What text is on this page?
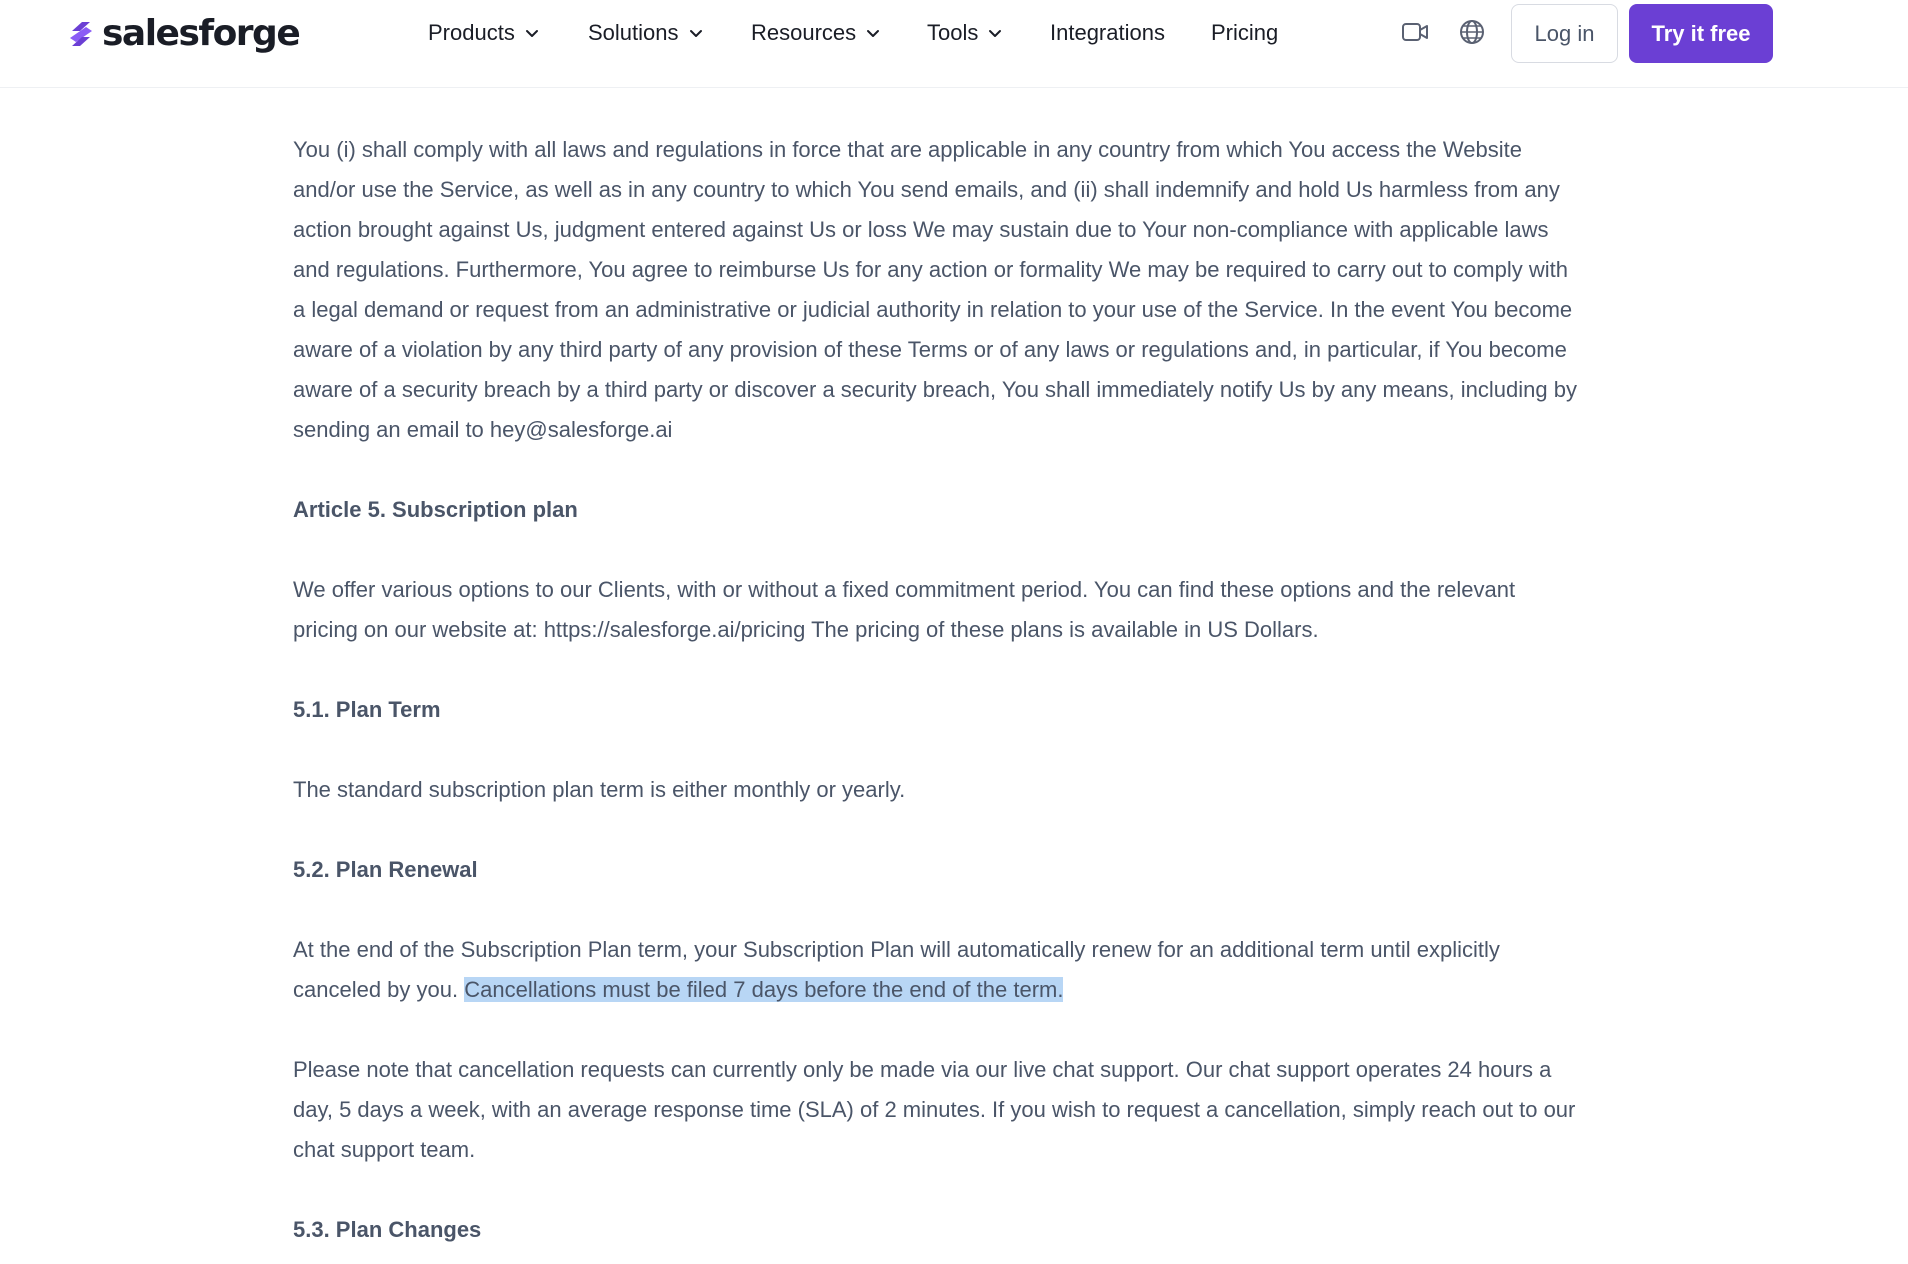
salesforge	Products	Solutions	Resources	Tools	Integrations Pricing	Log in	Try it free

You (i) shall comply with all laws and regulations in force that are applicable in any country from which You access the Website and/or use the Service, as well as in any country to which You send emails, and (ii) shall indemnify and hold Us harmless from any action brought against Us, judgment entered against Us or loss We may sustain due to Your non-compliance with applicable laws and regulations. Furthermore, You agree to reimburse Us for any action or formality We may be required to carry out to comply with a legal demand or request from an administrative or judicial authority in relation to your use of the Service. In the event You become aware of a violation by any third party of any provision of these Terms or of any laws or regulations and, in particular, if You become aware of a security breach by a third party or discover a security breach, You shall immediately notify Us by any means, including by sending an email to hey@salesforge.ai

Article 5. Subscription plan

We offer various options to our Clients, with or without a fixed commitment period. You can find these options and the relevant pricing on our website at: https://salesforge.ai/pricing The pricing of these plans is available in US Dollars.

5.1. Plan Term

The standard subscription plan term is either monthly or yearly.

5.2. Plan Renewal

At the end of the Subscription Plan term, your Subscription Plan will automatically renew for an additional term until explicitly canceled by you. Cancellations must be filed 7 days before the end of the term.

Please note that cancellation requests can currently only be made via our live chat support. Our chat support operates 24 hours a day, 5 days a week, with an average response time (SLA) of 2 minutes. If you wish to request a cancellation, simply reach out to our chat support team.

5.3. Plan Changes
